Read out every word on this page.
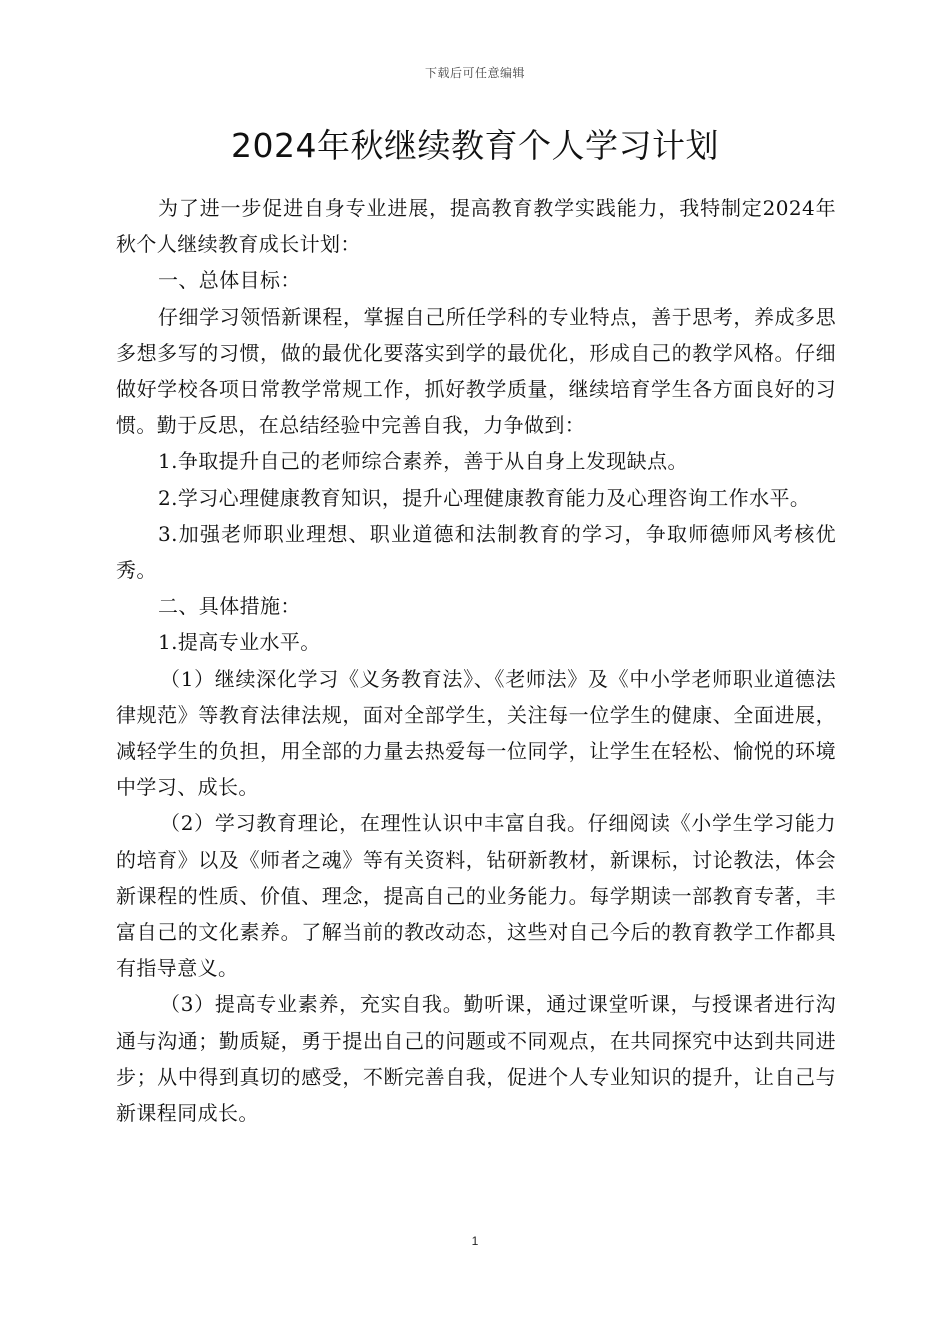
下载后可任意编辑
2024年秋继续教育个人学习计划

为了进一步促进自身专业进展，提高教育教学实践能力，我特制定2024年秋个人继续教育成长计划：

一、总体目标：

仔细学习领悟新课程，掌握自己所任学科的专业特点，善于思考，养成多思多想多写的习惯，做的最优化要落实到学的最优化，形成自己的教学风格。仔细做好学校各项日常教学常规工作，抓好教学质量，继续培育学生各方面良好的习惯。勤于反思，在总结经验中完善自我，力争做到：

1.争取提升自己的老师综合素养，善于从自身上发现缺点。

2.学习心理健康教育知识，提升心理健康教育能力及心理咨询工作水平。

3.加强老师职业理想、职业道德和法制教育的学习，争取师德师风考核优秀。

二、具体措施：

1.提高专业水平。

（1）继续深化学习《义务教育法》、《老师法》及《中小学老师职业道德法律规范》等教育法律法规，面对全部学生，关注每一位学生的健康、全面进展，减轻学生的负担，用全部的力量去热爱每一位同学，让学生在轻松、愉悦的环境中学习、成长。

（2）学习教育理论，在理性认识中丰富自我。仔细阅读《小学生学习能力的培育》以及《师者之魂》等有关资料，钻研新教材，新课标，讨论教法，体会新课程的性质、价值、理念，提高自己的业务能力。每学期读一部教育专著，丰富自己的文化素养。了解当前的教改动态，这些对自己今后的教育教学工作都具有指导意义。

（3）提高专业素养，充实自我。勤听课，通过课堂听课，与授课者进行沟通与沟通；勤质疑，勇于提出自己的问题或不同观点，在共同探究中达到共同进步；从中得到真切的感受，不断完善自我，促进个人专业知识的提升，让自己与新课程同成长。

1
